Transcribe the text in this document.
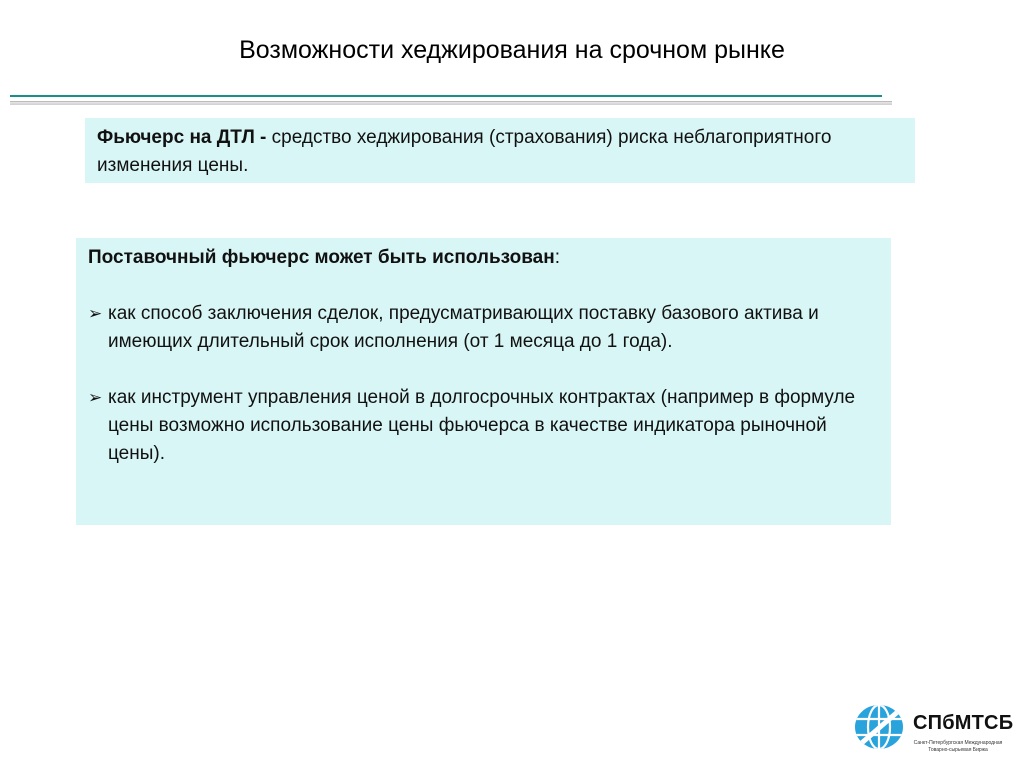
Возможности хеджирования на срочном рынке
Фьючерс на ДТЛ - средство хеджирования (страхования) риска неблагоприятного изменения цены.
Поставочный фьючерс может быть использован:
➢ как способ заключения сделок, предусматривающих поставку базового актива и имеющих длительный срок исполнения (от 1 месяца до 1 года).
➢ как инструмент управления ценой в долгосрочных контрактах (например в формуле цены возможно использование цены фьючерса в качестве индикатора рыночной цены).
СПбМТСБ
Санкт-Петербургская Международная
Товарно-сырьевая Биржа
